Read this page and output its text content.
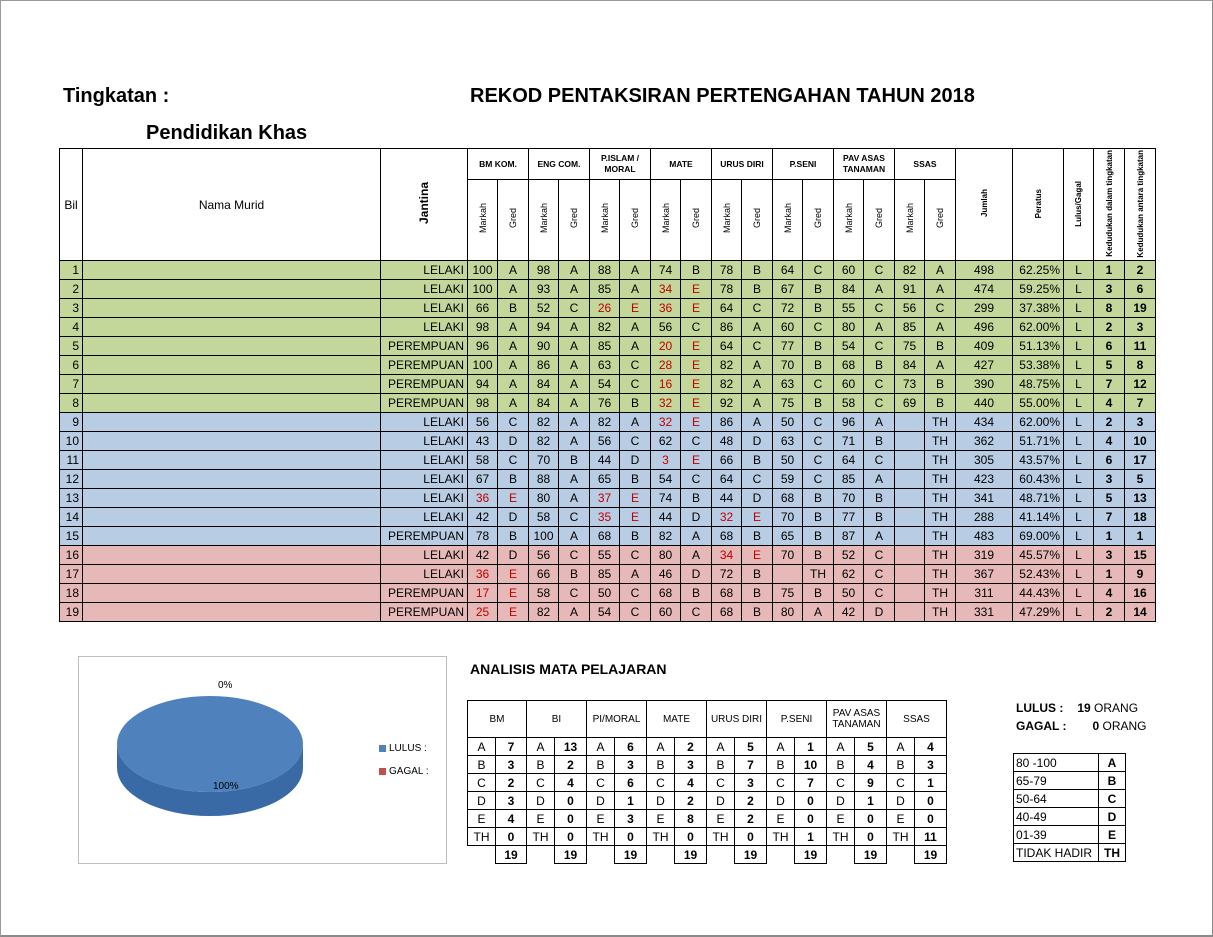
Tingkatan :	REKOD PENTAKSIRAN PERTENGAHAN TAHUN 2018
Pendidikan Khas
Bil	Nama Murid	Jantina	BM KOM.		ENG COM.		P.ISLAM / MORAL		MATE		URUS DIRI		P.SENI		PAV ASAS TANAMAN		SSAS		Jumlah	Peratus	Lulus/Gagal	Kedudukan dalam tingkatan	Kedudukan antara tingkatan
			Markah	Gred	Markah	Gred	Markah	Gred	Markah	Gred	Markah	Gred	Markah	Gred	Markah	Gred	Markah	Gred					
1		LELAKI	100	A	98	A	88	A	74	B	78	B	64	C	60	C	82	A	498	62.25%	L	1	2
2		LELAKI	100	A	93	A	85	A	34	E	78	B	67	B	84	A	91	A	474	59.25%	L	3	6
3		LELAKI	66	B	52	C	26	E	36	E	64	C	72	B	55	C	56	C	299	37.38%	L	8	19
4		LELAKI	98	A	94	A	82	A	56	C	86	A	60	C	80	A	85	A	496	62.00%	L	2	3
5		PEREMPUAN	96	A	90	A	85	A	20	E	64	C	77	B	54	C	75	B	409	51.13%	L	6	11
6		PEREMPUAN	100	A	86	A	63	C	28	E	82	A	70	B	68	B	84	A	427	53.38%	L	5	8
7		PEREMPUAN	94	A	84	A	54	C	16	E	82	A	63	C	60	C	73	B	390	48.75%	L	7	12
8		PEREMPUAN	98	A	84	A	76	B	32	E	92	A	75	B	58	C	69	B	440	55.00%	L	4	7
9		LELAKI	56	C	82	A	82	A	32	E	86	A	50	C	96	A		TH	434	62.00%	L	2	3
10		LELAKI	43	D	82	A	56	C	62	C	48	D	63	C	71	B		TH	362	51.71%	L	4	10
11		LELAKI	58	C	70	B	44	D	3	E	66	B	50	C	64	C		TH	305	43.57%	L	6	17
12		LELAKI	67	B	88	A	65	B	54	C	64	C	59	C	85	A		TH	423	60.43%	L	3	5
13		LELAKI	36	E	80	A	37	E	74	B	44	D	68	B	70	B		TH	341	48.71%	L	5	13
14		LELAKI	42	D	58	C	35	E	44	D	32	E	70	B	77	B		TH	288	41.14%	L	7	18
15		PEREMPUAN	78	B	100	A	68	B	82	A	68	B	65	B	87	A		TH	483	69.00%	L	1	1
16		LELAKI	42	D	56	C	55	C	80	A	34	E	70	B	52	C		TH	319	45.57%	L	3	15
17		LELAKI	36	E	66	B	85	A	46	D	72	B		TH	62	C		TH	367	52.43%	L	1	9
18		PEREMPUAN	17	E	58	C	50	C	68	B	68	B	75	B	50	C		TH	311	44.43%	L	4	16
19		PEREMPUAN	25	E	82	A	54	C	60	C	68	B	80	A	42	D		TH	331	47.29%	L	2	14
0%
100%
LULUS :
GAGAL :
ANALISIS MATA PELAJARAN
BM		BI		PI/MORAL		MATE		URUS DIRI		P.SENI		PAV ASAS TANAMAN		SSAS	
A	7	A	13	A	6	A	2	A	5	A	1	A	5	A	4
B	3	B	2	B	3	B	3	B	7	B	10	B	4	B	3
C	2	C	4	C	6	C	4	C	3	C	7	C	9	C	1
D	3	D	0	D	1	D	2	D	2	D	0	D	1	D	0
E	4	E	0	E	3	E	8	E	2	E	0	E	0	E	0
TH	0	TH	0	TH	0	TH	0	TH	0	TH	1	TH	0	TH	11
	19		19		19		19		19		19		19		19
LULUS : 19 ORANG
GAGAL : 0 ORANG
80 -100	A
65-79	B
50-64	C
40-49	D
01-39	E
TIDAK HADIR	TH
